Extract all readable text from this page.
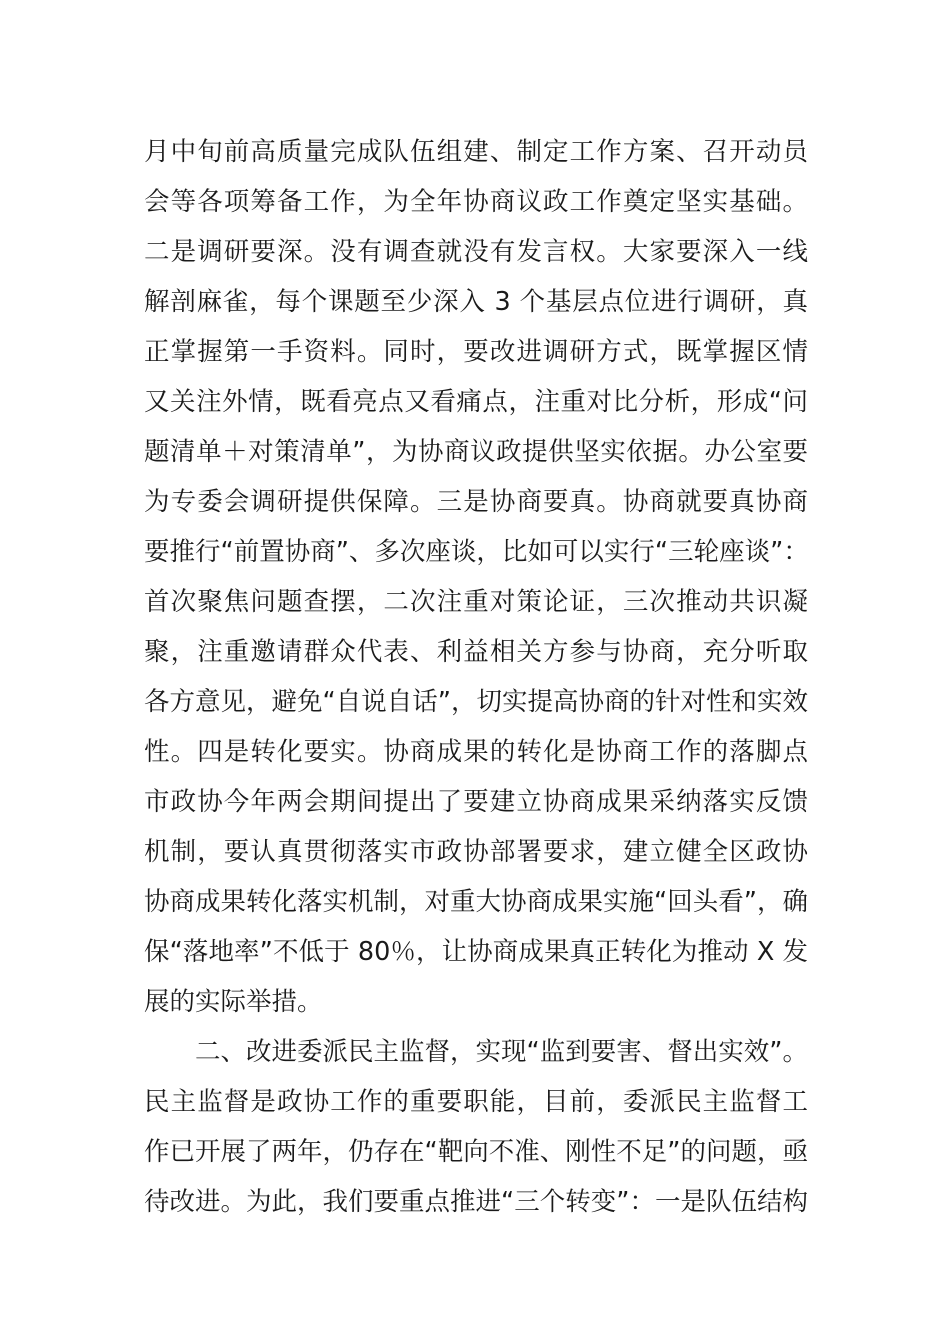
月中旬前高质量完成队伍组建、制定工作方案、召开动员
会等各项筹备工作，为全年协商议政工作奠定坚实基础。
二是调研要深。没有调查就没有发言权。大家要深入一线
解剖麻雀，每个课题至少深入 3 个基层点位进行调研，真
正掌握第一手资料。同时，要改进调研方式，既掌握区情
又关注外情，既看亮点又看痛点，注重对比分析，形成“问
题清单＋对策清单”，为协商议政提供坚实依据。办公室要
为专委会调研提供保障。三是协商要真。协商就要真协商
要推行“前置协商”、多次座谈，比如可以实行“三轮座谈”：
首次聚焦问题查摆，二次注重对策论证，三次推动共识凝
聚，注重邀请群众代表、利益相关方参与协商，充分听取
各方意见，避免“自说自话”，切实提高协商的针对性和实效
性。四是转化要实。协商成果的转化是协商工作的落脚点
市政协今年两会期间提出了要建立协商成果采纳落实反馈
机制，要认真贯彻落实市政协部署要求，建立健全区政协
协商成果转化落实机制，对重大协商成果实施“回头看”，确
保“落地率”不低于 80％，让协商成果真正转化为推动 X 发
展的实际举措。
二、改进委派民主监督，实现“监到要害、督出实效”。
民主监督是政协工作的重要职能，目前，委派民主监督工
作已开展了两年，仍存在“靶向不准、刚性不足”的问题，亟
待改进。为此，我们要重点推进“三个转变”：一是队伍结构
